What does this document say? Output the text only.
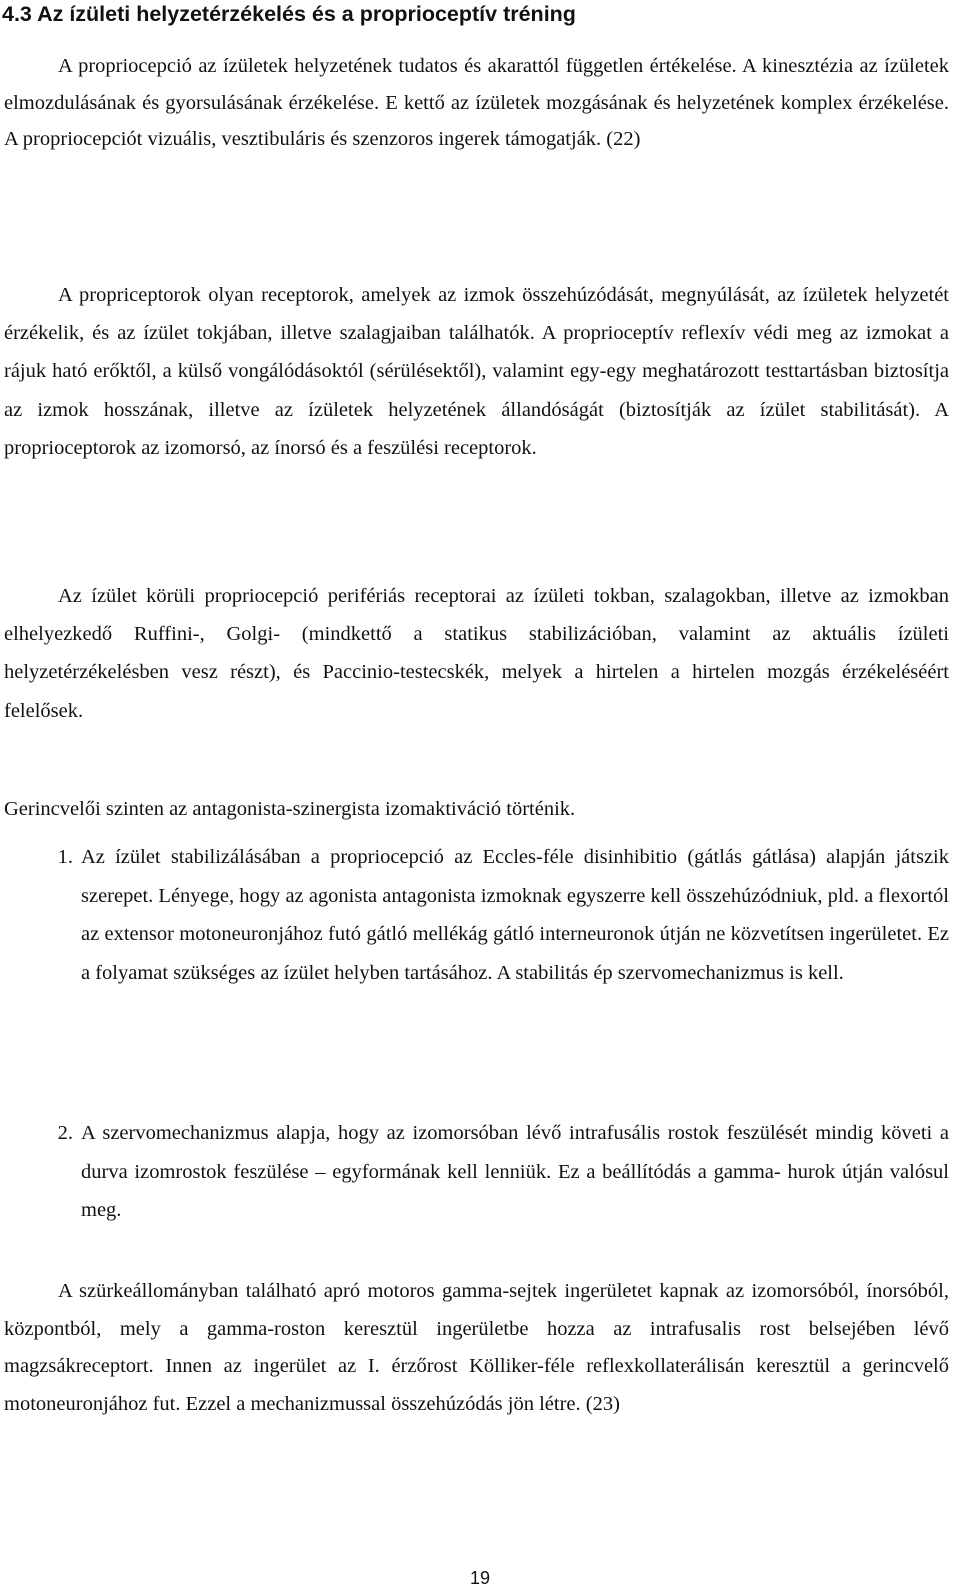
4.3 Az ízületi helyzetérzékelés és a proprioceptív tréning

A propriocepció az ízületek helyzetének tudatos és akarattól független értékelése. A kinesztézia az ízületek elmozdulásának és gyorsulásának érzékelése. E kettő az ízületek mozgásának és helyzetének komplex érzékelése. A propriocepciót vizuális, vesztibuláris és szenzoros ingerek támogatják. (22)

A propriceptorok olyan receptorok, amelyek az izmok összehúzódását, megnyúlását, az ízületek helyzetét érzékelik, és az ízület tokjában, illetve szalagjaiban találhatók. A proprioceptív reflexív védi meg az izmokat a rájuk ható erőktől, a külső vongálódásoktól (sérülésektől), valamint egy-egy meghatározott testtartásban biztosítja az izmok hosszának, illetve az ízületek helyzetének állandóságát (biztosítják az ízület stabilitását). A proprioceptorok az izomorsó, az ínorsó és a feszülési receptorok.

Az ízület körüli propriocepció perifériás receptorai az ízületi tokban, szalagokban, illetve az izmokban elhelyezkedő Ruffini-, Golgi- (mindkettő a statikus stabilizációban, valamint az aktuális ízületi helyzetérzékelésben vesz részt), és Paccinio-testecskék, melyek a hirtelen a hirtelen mozgás érzékeléséért felelősek.

Gerincvelői szinten az antagonista-szinergista izomaktiváció történik.

1. Az ízület stabilizálásában a propriocepció az Eccles-féle disinhibitio (gátlás gátlása) alapján játszik szerepet. Lényege, hogy az agonista antagonista izmoknak egyszerre kell összehúzódniuk, pld. a flexortól az extensor motoneuronjához futó gátló mellékág gátló interneuronok útján ne közvetítsen ingerületet. Ez a folyamat szükséges az ízület helyben tartásához. A stabilitás ép szervomechanizmus is kell.
2. A szervomechanizmus alapja, hogy az izomorsóban lévő intrafusális rostok feszülését mindig követi a durva izomrostok feszülése – egyformának kell lenniük. Ez a beállítódás a gamma- hurok útján valósul meg.

A szürkeállományban található apró motoros gamma-sejtek ingerületet kapnak az izomorsóból, ínorsóból, központból, mely a gamma-roston keresztül ingerületbe hozza az intrafusalis rost belsejében lévő magzsákreceptort. Innen az ingerület az I. érzőrost Kölliker-féle reflexkollaterálisán keresztül a gerincvelő motoneuronjához fut. Ezzel a mechanizmussal összehúzódás jön létre. (23)

19
